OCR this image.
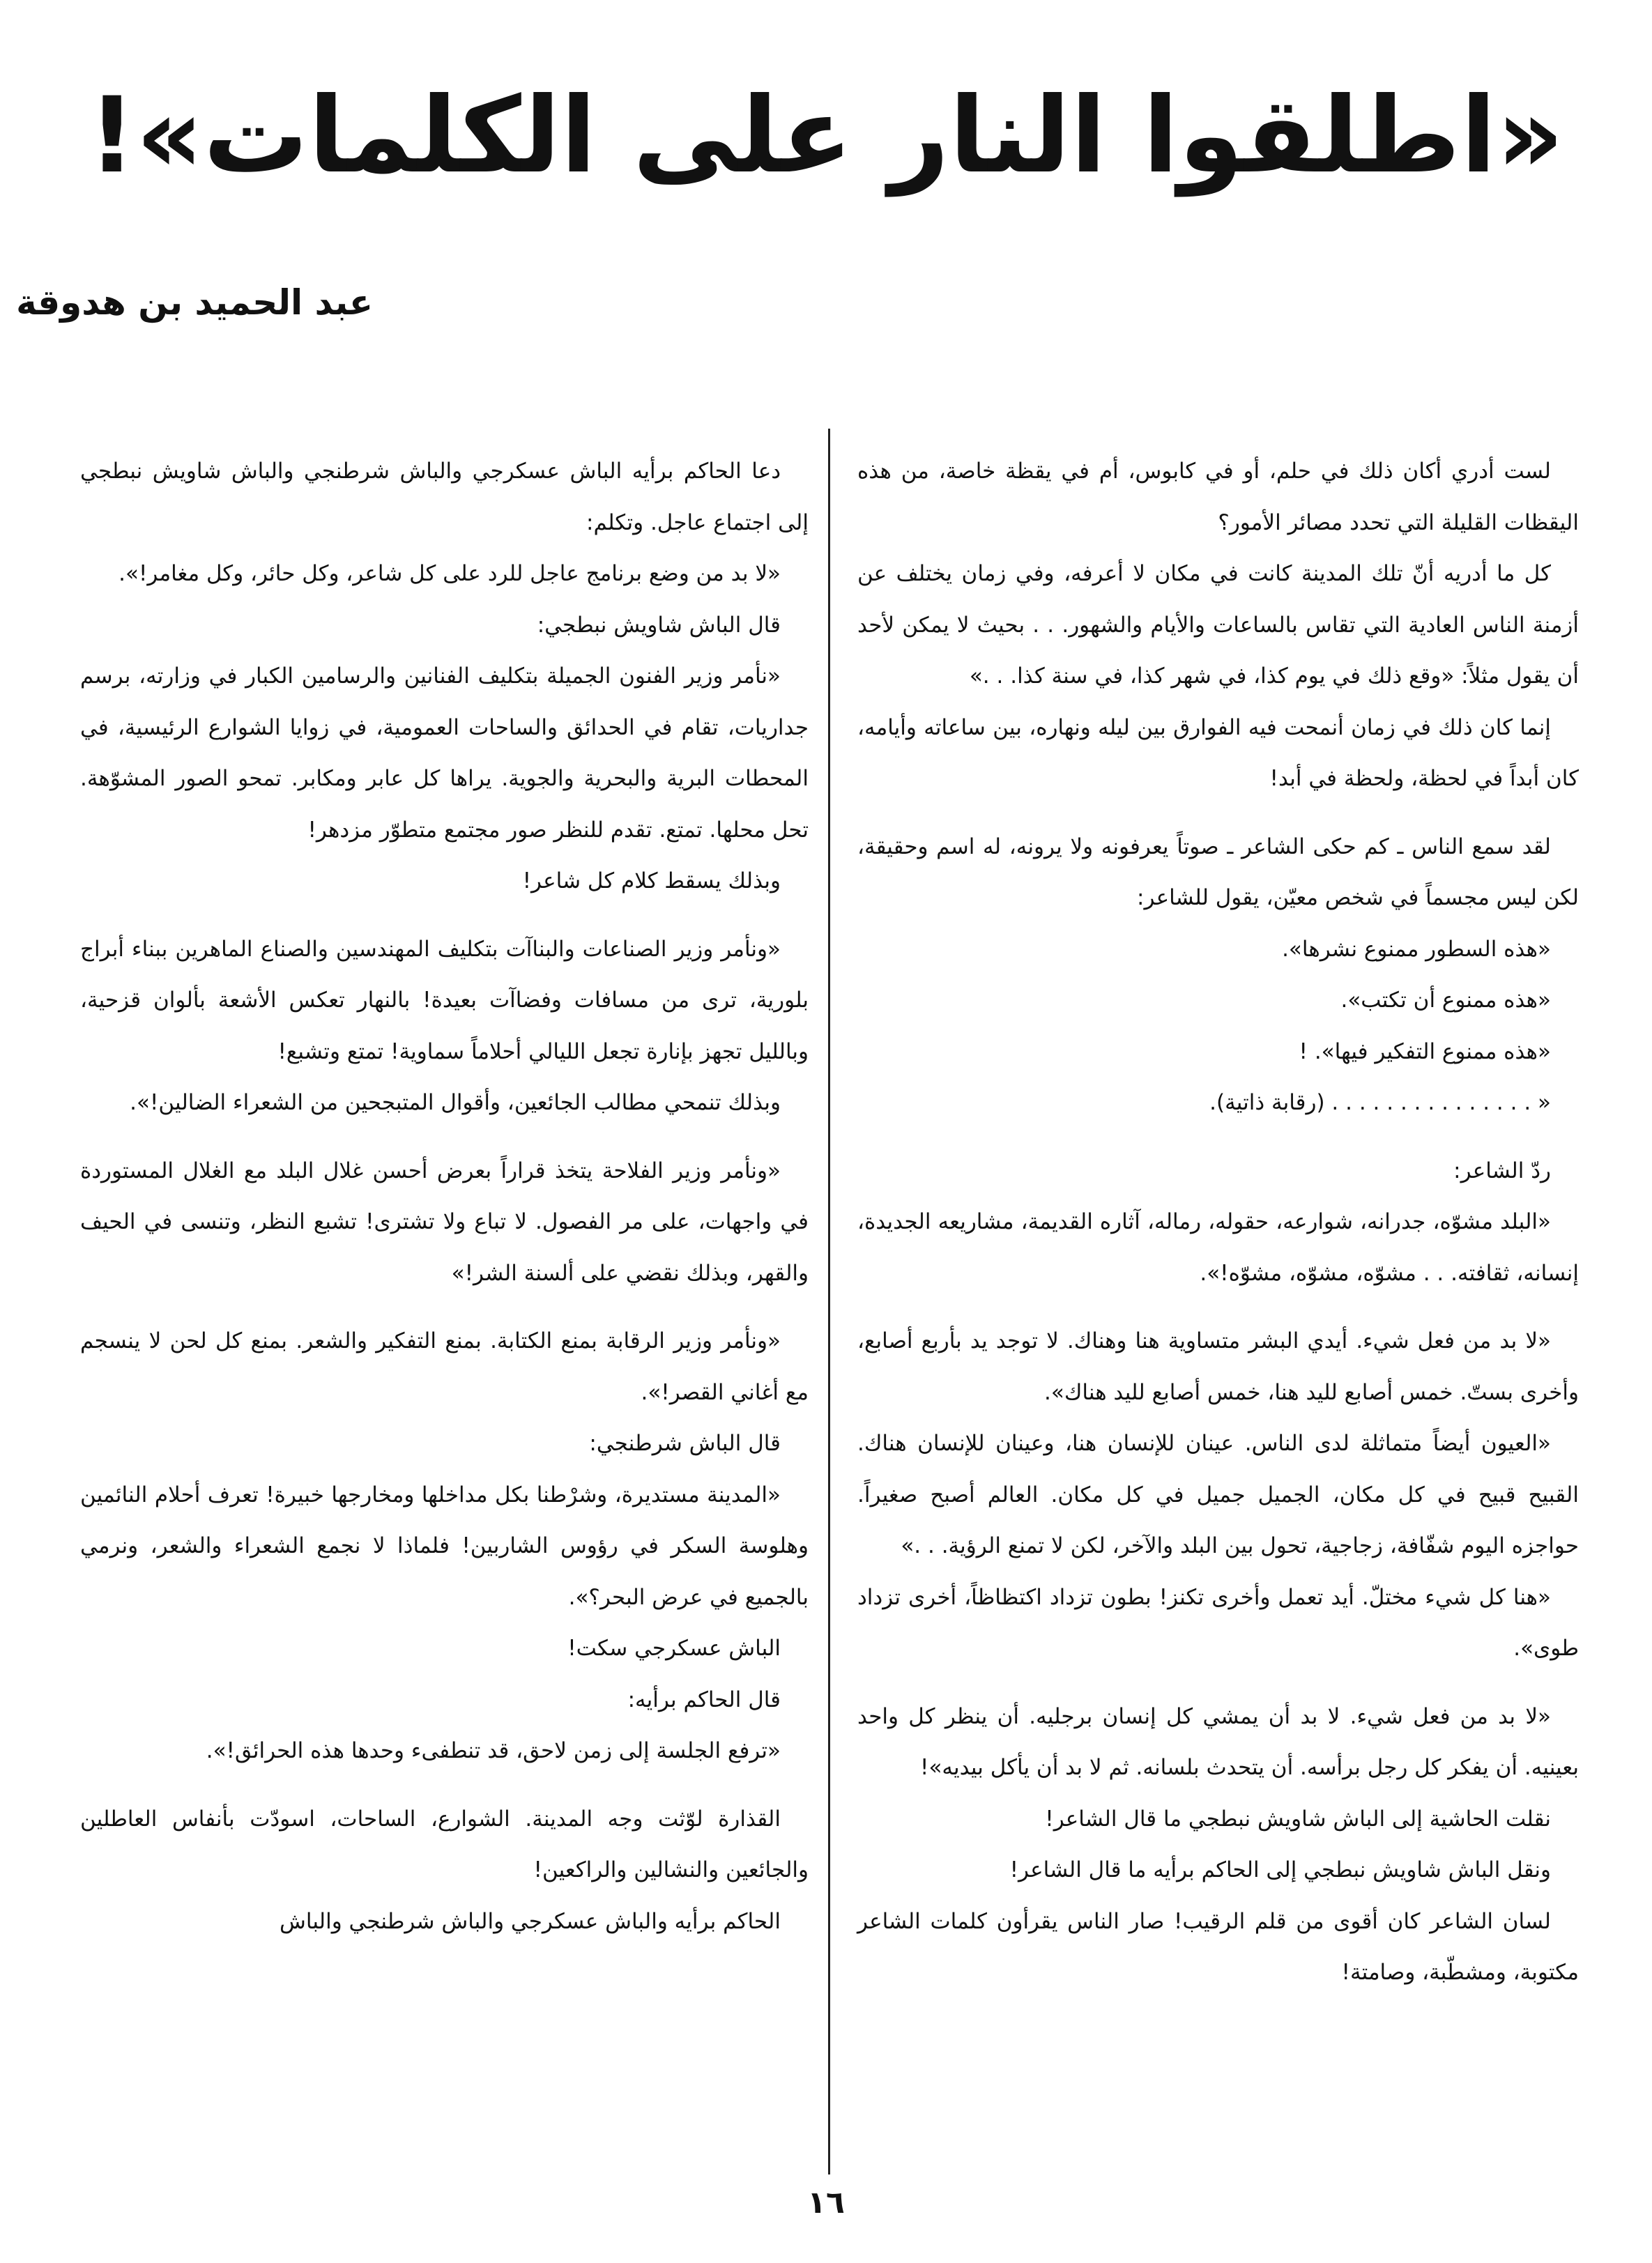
«اطلقوا النار على الكلمات»!
عبد الحميد بن هدوقة

لست أدري أكان ذلك في حلم، أو في كابوس، أم في يقظة خاصة، من هذه اليقظات القليلة التي تحدد مصائر الأمور؟

كل ما أدريه أنّ تلك المدينة كانت في مكان لا أعرفه، وفي زمان يختلف عن أزمنة الناس العادية التي تقاس بالساعات والأيام والشهور. . . بحيث لا يمكن لأحد أن يقول مثلاً: «وقع ذلك في يوم كذا، في شهر كذا، في سنة كذا. . .»

إنما كان ذلك في زمان أنمحت فيه الفوارق بين ليله ونهاره، بين ساعاته وأيامه، كان أبداً في لحظة، ولحظة في أبد!

لقد سمع الناس ـ كم حكى الشاعر ـ صوتاً يعرفونه ولا يرونه، له اسم وحقيقة، لكن ليس مجسماً في شخص معيّن، يقول للشاعر:

«هذه السطور ممنوع نشرها».

«هذه ممنوع أن تكتب».

«هذه ممنوع التفكير فيها». !

« . . . . . . . . . . . . . . . (رقابة ذاتية).

ردّ الشاعر:

«البلد مشوّه، جدرانه، شوارعه، حقوله، رماله، آثاره القديمة، مشاريعه الجديدة، إنسانه، ثقافته. . . مشوّه، مشوّه، مشوّه!».

«لا بد من فعل شيء. أيدي البشر متساوية هنا وهناك. لا توجد يد بأربع أصابع، وأخرى بستّ. خمس أصابع لليد هنا، خمس أصابع لليد هناك».

«العيون أيضاً متماثلة لدى الناس. عينان للإنسان هنا، وعينان للإنسان هناك. القبيح قبيح في كل مكان، الجميل جميل في كل مكان. العالم أصبح صغيراً. حواجزه اليوم شفّافة، زجاجية، تحول بين البلد والآخر، لكن لا تمنع الرؤية. . .»

«هنا كل شيء مختلّ. أيد تعمل وأخرى تكنز! بطون تزداد اكتظاظاً، أخرى تزداد طوى».

«لا بد من فعل شيء. لا بد أن يمشي كل إنسان برجليه. أن ينظر كل واحد بعينيه. أن يفكر كل رجل برأسه. أن يتحدث بلسانه. ثم لا بد أن يأكل بيديه»!

نقلت الحاشية إلى الباش شاويش نبطجي ما قال الشاعر!

ونقل الباش شاويش نبطجي إلى الحاكم برأيه ما قال الشاعر!

لسان الشاعر كان أقوى من قلم الرقيب! صار الناس يقرأون كلمات الشاعر مكتوبة، ومشطّبة، وصامتة!

دعا الحاكم برأيه الباش عسكرجي والباش شرطنجي والباش شاويش نبطجي إلى اجتماع عاجل. وتكلم:

«لا بد من وضع برنامج عاجل للرد على كل شاعر، وكل حائر، وكل مغامر!».

قال الباش شاويش نبطجي:

«نأمر وزير الفنون الجميلة بتكليف الفنانين والرسامين الكبار في وزارته، برسم جداريات، تقام في الحدائق والساحات العمومية، في زوايا الشوارع الرئيسية، في المحطات البرية والبحرية والجوية. يراها كل عابر ومكابر. تمحو الصور المشوّهة. تحل محلها. تمتع. تقدم للنظر صور مجتمع متطوّر مزدهر!

وبذلك يسقط كلام كل شاعر!

«ونأمر وزير الصناعات والبناآت بتكليف المهندسين والصناع الماهرين ببناء أبراج بلورية، ترى من مسافات وفضاآت بعيدة! بالنهار تعكس الأشعة بألوان قزحية، وبالليل تجهز بإنارة تجعل الليالي أحلاماً سماوية! تمتع وتشبع!

وبذلك تنمحي مطالب الجائعين، وأقوال المتبجحين من الشعراء الضالين!».

«ونأمر وزير الفلاحة يتخذ قراراً بعرض أحسن غلال البلد مع الغلال المستوردة في واجهات، على مر الفصول. لا تباع ولا تشترى! تشبع النظر، وتنسى في الحيف والقهر، وبذلك نقضي على ألسنة الشر!»

«ونأمر وزير الرقابة بمنع الكتابة. بمنع التفكير والشعر. بمنع كل لحن لا ينسجم مع أغاني القصر!».

قال الباش شرطنجي:

«المدينة مستديرة، وشرْطنا بكل مداخلها ومخارجها خبيرة! تعرف أحلام النائمين وهلوسة السكر في رؤوس الشاربين! فلماذا لا نجمع الشعراء والشعر، ونرمي بالجميع في عرض البحر؟».

الباش عسكرجي سكت!

قال الحاكم برأيه:

«ترفع الجلسة إلى زمن لاحق، قد تنطفىء وحدها هذه الحرائق!».

القذارة لوّثت وجه المدينة. الشوارع، الساحات، اسودّت بأنفاس العاطلين والجائعين والنشالين والراكعين!

الحاكم برأيه والباش عسكرجي والباش شرطنجي والباش

١٦
